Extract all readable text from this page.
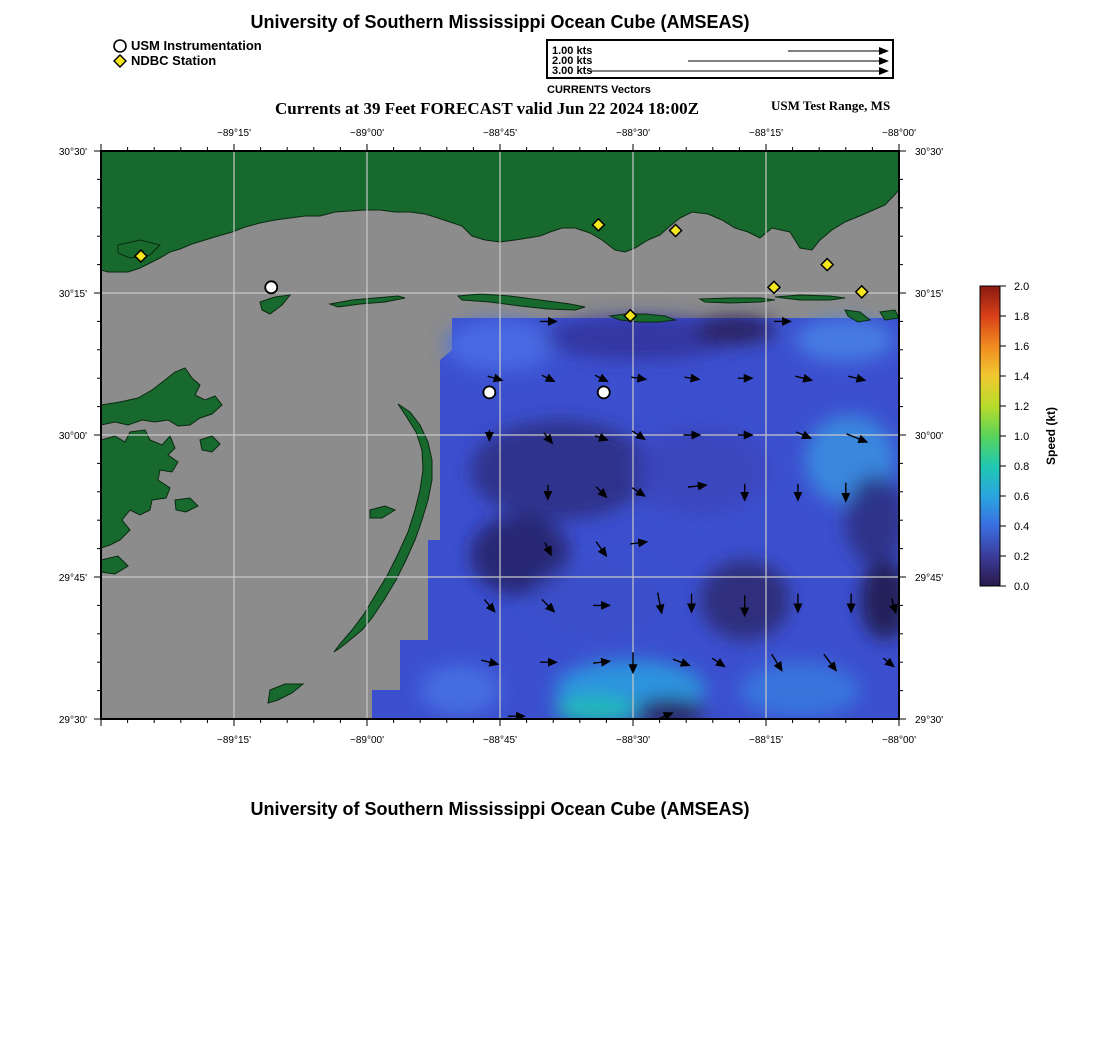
University of Southern Mississippi Ocean Cube (AMSEAS)
USM Instrumentation
NDBC Station
1.00 kts
2.00 kts
3.00 kts
CURRENTS Vectors
Currents at 39 Feet FORECAST valid Jun 22 2024 18:00Z	USM Test Range, MS
−89°15'
−89°15'
−89°00'
−89°00'
−88°45'
−88°45'
−88°30'
−88°30'
−88°15'
−88°15'
−88°00'
−88°00'
30°30'	30°30'
30°15'	30°15'
30°00'	30°00'
29°45'	29°45'
29°30'	29°30'
0.0
0.2
0.4
0.6
0.8
1.0
1.2
1.4
1.6
1.8
2.0
Speed (kt)
University of Southern Mississippi Ocean Cube (AMSEAS)
